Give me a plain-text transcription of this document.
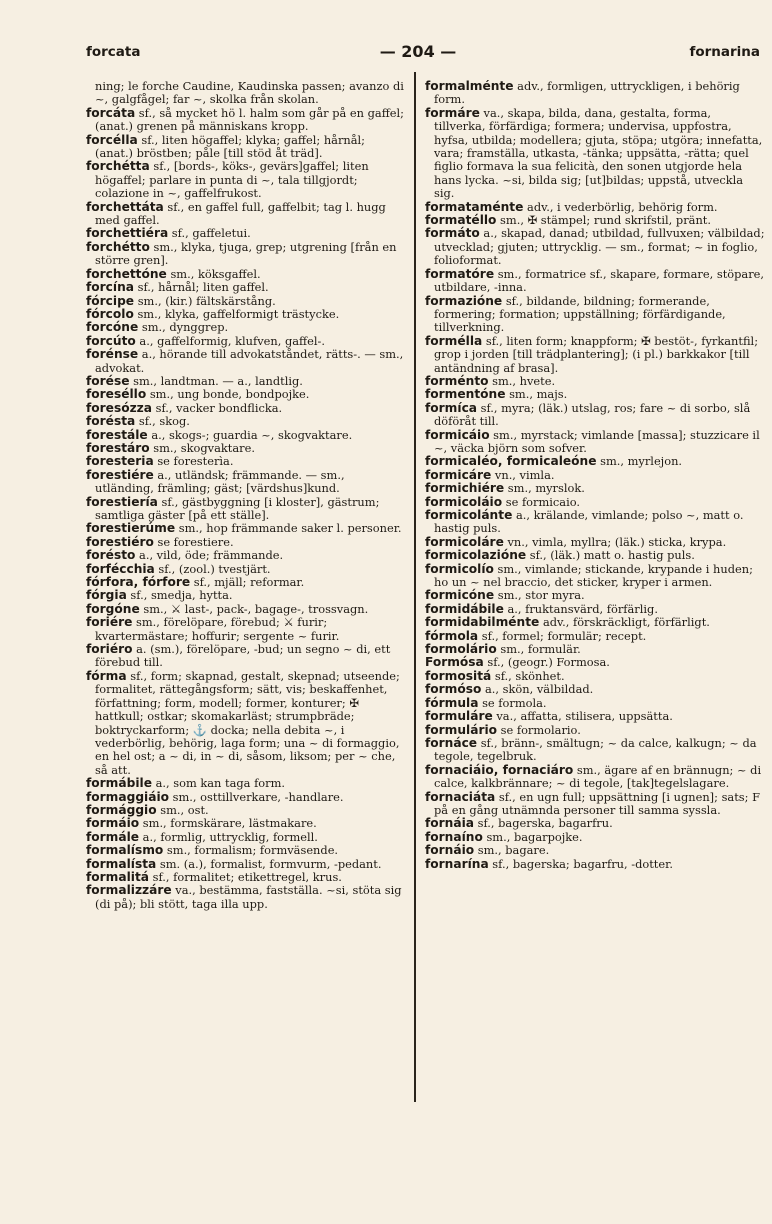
forcata	— 204 —	fornarina

ning; le forche Caudine, Kaudinska passen; avanzo di ~, galgfågel; far ~, skolka från skolan.

forcáta sf., så mycket hö l. halm som går på en gaffel; (anat.) grenen på människans kropp.

forcélla sf., liten högaffel; klyka; gaffel; hårnål; (anat.) bröstben; påle [till stöd åt träd].

forchétta sf., [bords-, köks-, gevärs]gaffel; liten högaffel; parlare in punta di ~, tala tillgjordt; colazione in ~, gaffelfrukost.

forchettáta sf., en gaffel full, gaffelbit; tag l. hugg med gaffel.

forchettiéra sf., gaffeletui.

forchétto sm., klyka, tjuga, grep; utgrening [från en större gren].

forchettóne sm., köksgaffel.

forcína sf., hårnål; liten gaffel.

fórcipe sm., (kir.) fältskärstång.

fórcolo sm., klyka, gaffelformigt trästycke.

forcóne sm., dynggrep.

forcúto a., gaffelformig, klufven, gaffel-.

forénse a., hörande till advokatståndet, rätts-. — sm., advokat.

forése sm., landtman. — a., landtlig.

foreséllo sm., ung bonde, bondpojke.

foresózza sf., vacker bondflicka.

forésta sf., skog.

forestále a., skogs-; guardia ~, skogvaktare.

forestáro sm., skogvaktare.

foresteria se foresterìa.

forestiére a., utländsk; främmande. — sm., utländing, främling; gäst; [värdshus]kund.

forestiería sf., gästbyggning [i kloster], gästrum; samtliga gäster [på ett ställe].

forestierúme sm., hop främmande saker l. personer.

forestiéro se forestiere.

forésto a., vild, öde; främmande.

forfécchia sf., (zool.) tvestjärt.

fórfora, fórfore sf., mjäll; reformar.

fórgia sf., smedja, hytta.

forgóne sm., ⚔ last-, pack-, bagage-, trossvagn.

foriére sm., förelöpare, förebud; ⚔ furir; kvartermästare; hoffurir; sergente ~ furir.

foriéro a. (sm.), förelöpare, -bud; un segno ~ di, ett förebud till.

fórma sf., form; skapnad, gestalt, skepnad; utseende; formalitet, rättegångsform; sätt, vis; beskaffenhet, författning; form, modell; former, konturer; ✠ hattkull; ostkar; skomakarläst; strumpbräde; boktryckarform; ⚓ docka; nella debita ~, i vederbörlig, behörig, laga form; una ~ di formaggio, en hel ost; a ~ di, in ~ di, såsom, liksom; per ~ che, så att.

formábile a., som kan taga form.

formaggiáio sm., osttillverkare, -handlare.

formággio sm., ost.

formáio sm., formskärare, lästmakare.

formále a., formlig, uttrycklig, formell.

formalísmo sm., formalism; formväsende.

formalísta sm. (a.), formalist, formvurm, -pedant.

formalitá sf., formalitet; etikettregel, krus.

formalizzáre va., bestämma, fastställa. ~si, stöta sig (di på); bli stött, taga illa upp.

formalménte adv., formligen, uttryckligen, i behörig form.

formáre va., skapa, bilda, dana, gestalta, forma, tillverka, förfärdiga; formera; undervisa, uppfostra, hyfsa, utbilda; modellera; gjuta, stöpa; utgöra; innefatta, vara; framställa, utkasta, -tänka; uppsätta, -rätta; quel figlio formava la sua felicità, den sonen utgjorde hela hans lycka. ~si, bilda sig; [ut]bildas; uppstå, utveckla sig.

formataménte adv., i vederbörlig, behörig form.

formatéllo sm., ✠ stämpel; rund skrifstil, pränt.

formáto a., skapad, danad; utbildad, fullvuxen; välbildad; utvecklad; gjuten; uttrycklig. — sm., format; ~ in foglio, folioformat.

formatóre sm., formatrice sf., skapare, formare, stöpare, utbildare, -inna.

formazióne sf., bildande, bildning; formerande, formering; formation; uppställning; förfärdigande, tillverkning.

formélla sf., liten form; knappform; ✠ bestöt-, fyrkantfil; grop i jorden [till trädplantering]; (i pl.) barkkakor [till antändning af brasa].

forménto sm., hvete.

formentóne sm., majs.

formíca sf., myra; (läk.) utslag, ros; fare ~ di sorbo, slå döföråt till.

formicáio sm., myrstack; vimlande [massa]; stuzzicare il ~, väcka björn som sofver.

formicaléo, formicaleóne sm., myrlejon.

formicáre vn., vimla.

formichiére sm., myrslok.

formicoláio se formicaio.

formicolánte a., krälande, vimlande; polso ~, matt o. hastig puls.

formicoláre vn., vimla, myllra; (läk.) sticka, krypa.

formicolazióne sf., (läk.) matt o. hastig puls.

formicolío sm., vimlande; stickande, krypande i huden; ho un ~ nel braccio, det sticker, kryper i armen.

formicóne sm., stor myra.

formidábile a., fruktansvärd, förfärlig.

formidabilménte adv., förskräckligt, förfärligt.

fórmola sf., formel; formulär; recept.

formolário sm., formulär.

Formósa sf., (geogr.) Formosa.

formositá sf., skönhet.

formóso a., skön, välbildad.

fórmula se formola.

formuláre va., affatta, stilisera, uppsätta.

formulário se formolario.

fornáce sf., bränn-, smältugn; ~ da calce, kalkugn; ~ da tegole, tegelbruk.

fornaciáio, fornaciáro sm., ägare af en brännugn; ~ di calce, kalkbrännare; ~ di tegole, [tak]tegelslagare.

fornaciáta sf., en ugn full; uppsättning [i ugnen]; sats; F på en gång utnämnda personer till samma syssla.

fornáia sf., bagerska, bagarfru.

fornaíno sm., bagarpojke.

fornáio sm., bagare.

fornarína sf., bagerska; bagarfru, -dotter.
